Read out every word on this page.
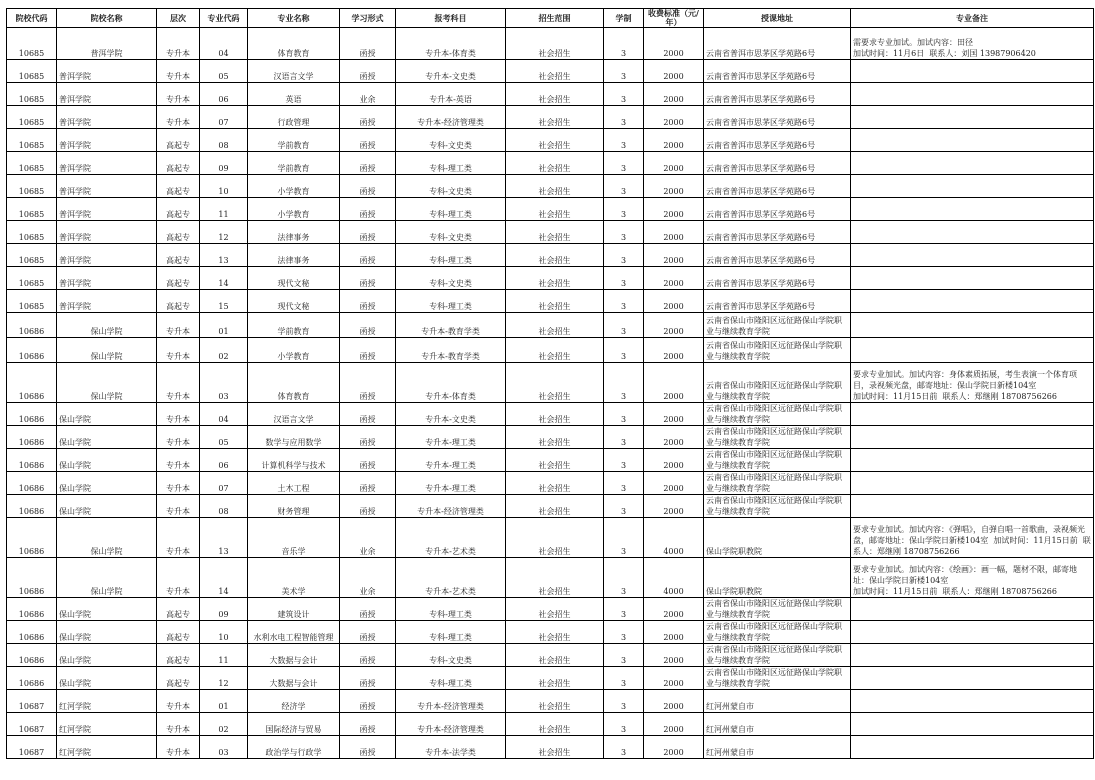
院校代码	院校名称	层次	专业代码	专业名称	学习形式	报考科目	招生范围	学制	收费标准（元/年）	授课地址	专业备注
10685	普洱学院	专升本	04	体育教育	函授	专升本-体育类	社会招生	3	2000	云南省普洱市思茅区学苑路6号	需要求专业加试。加试内容：田径
加试时间：11月6日  联系人：刘国 13987906420
10685	普洱学院	专升本	05	汉语言文学	函授	专升本-文史类	社会招生	3	2000	云南省普洱市思茅区学苑路6号	
10685	普洱学院	专升本	06	英语	业余	专升本-英语	社会招生	3	2000	云南省普洱市思茅区学苑路6号	
10685	普洱学院	专升本	07	行政管理	函授	专升本-经济管理类	社会招生	3	2000	云南省普洱市思茅区学苑路6号	
10685	普洱学院	高起专	08	学前教育	函授	专科-文史类	社会招生	3	2000	云南省普洱市思茅区学苑路6号	
10685	普洱学院	高起专	09	学前教育	函授	专科-理工类	社会招生	3	2000	云南省普洱市思茅区学苑路6号	
10685	普洱学院	高起专	10	小学教育	函授	专科-文史类	社会招生	3	2000	云南省普洱市思茅区学苑路6号	
10685	普洱学院	高起专	11	小学教育	函授	专科-理工类	社会招生	3	2000	云南省普洱市思茅区学苑路6号	
10685	普洱学院	高起专	12	法律事务	函授	专科-文史类	社会招生	3	2000	云南省普洱市思茅区学苑路6号	
10685	普洱学院	高起专	13	法律事务	函授	专科-理工类	社会招生	3	2000	云南省普洱市思茅区学苑路6号	
10685	普洱学院	高起专	14	现代文秘	函授	专科-文史类	社会招生	3	2000	云南省普洱市思茅区学苑路6号	
10685	普洱学院	高起专	15	现代文秘	函授	专科-理工类	社会招生	3	2000	云南省普洱市思茅区学苑路6号	
10686	保山学院	专升本	01	学前教育	函授	专升本-教育学类	社会招生	3	2000	云南省保山市隆阳区远征路保山学院职业与继续教育学院	
10686	保山学院	专升本	02	小学教育	函授	专升本-教育学类	社会招生	3	2000	云南省保山市隆阳区远征路保山学院职业与继续教育学院	
10686	保山学院	专升本	03	体育教育	函授	专升本-体育类	社会招生	3	2000	云南省保山市隆阳区远征路保山学院职业与继续教育学院	要求专业加试。加试内容：身体素质拓展，考生表演一个体育项目，录视频光盘，邮寄地址：保山学院日新楼104室
加试时间：11月15日前  联系人：郑继刚 18708756266
10686	保山学院	专升本	04	汉语言文学	函授	专升本-文史类	社会招生	3	2000	云南省保山市隆阳区远征路保山学院职业与继续教育学院	
10686	保山学院	专升本	05	数学与应用数学	函授	专升本-理工类	社会招生	3	2000	云南省保山市隆阳区远征路保山学院职业与继续教育学院	
10686	保山学院	专升本	06	计算机科学与技术	函授	专升本-理工类	社会招生	3	2000	云南省保山市隆阳区远征路保山学院职业与继续教育学院	
10686	保山学院	专升本	07	土木工程	函授	专升本-理工类	社会招生	3	2000	云南省保山市隆阳区远征路保山学院职业与继续教育学院	
10686	保山学院	专升本	08	财务管理	函授	专升本-经济管理类	社会招生	3	2000	云南省保山市隆阳区远征路保山学院职业与继续教育学院	
10686	保山学院	专升本	13	音乐学	业余	专升本-艺术类	社会招生	3	4000	保山学院职教院	要求专业加试。加试内容：《弹唱》，自弹自唱一首歌曲，录视频光盘，邮寄地址：保山学院日新楼104室  加试时间：11月15日前  联系人：郑继刚 18708756266
10686	保山学院	专升本	14	美术学	业余	专升本-艺术类	社会招生	3	4000	保山学院职教院	要求专业加试。加试内容：《绘画》：画一幅，题材不限，邮寄地址：保山学院日新楼104室
加试时间：11月15日前  联系人：郑继刚 18708756266
10686	保山学院	高起专	09	建筑设计	函授	专科-理工类	社会招生	3	2000	云南省保山市隆阳区远征路保山学院职业与继续教育学院	
10686	保山学院	高起专	10	水利水电工程智能管理	函授	专科-理工类	社会招生	3	2000	云南省保山市隆阳区远征路保山学院职业与继续教育学院	
10686	保山学院	高起专	11	大数据与会计	函授	专科-文史类	社会招生	3	2000	云南省保山市隆阳区远征路保山学院职业与继续教育学院	
10686	保山学院	高起专	12	大数据与会计	函授	专科-理工类	社会招生	3	2000	云南省保山市隆阳区远征路保山学院职业与继续教育学院	
10687	红河学院	专升本	01	经济学	函授	专升本-经济管理类	社会招生	3	2000	红河州蒙自市	
10687	红河学院	专升本	02	国际经济与贸易	函授	专升本-经济管理类	社会招生	3	2000	红河州蒙自市	
10687	红河学院	专升本	03	政治学与行政学	函授	专升本-法学类	社会招生	3	2000	红河州蒙自市	
